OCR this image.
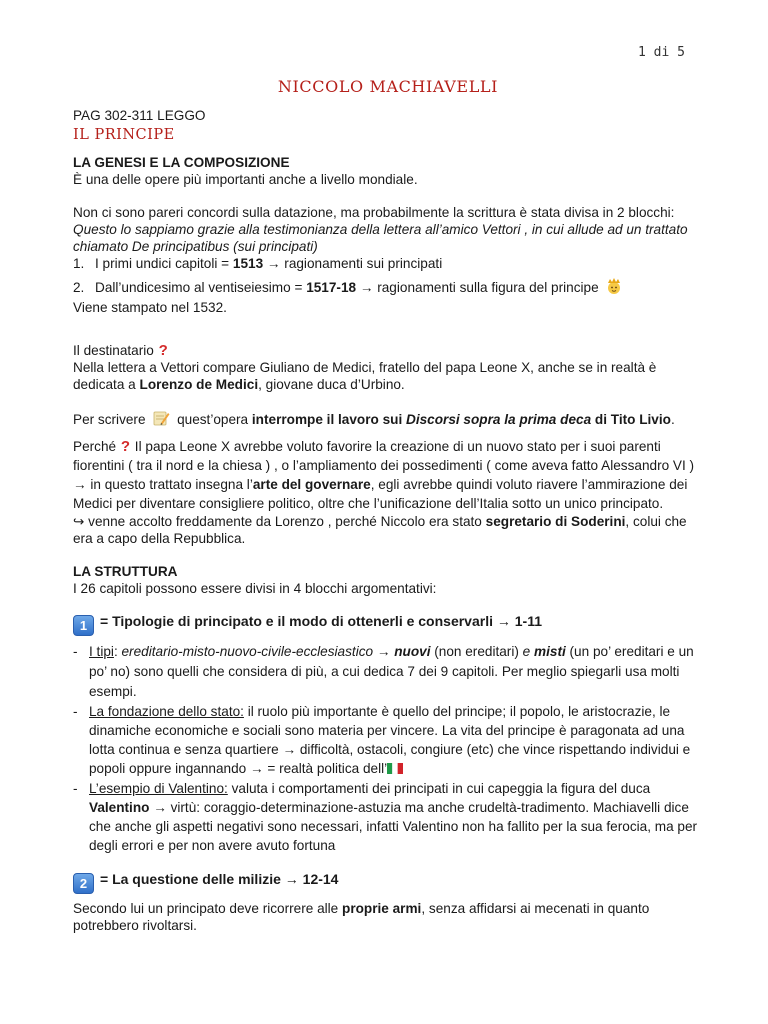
1 di 5
NICCOLO MACHIAVELLI

PAG 302-311 LEGGO

IL PRINCIPE

LA GENESI E LA COMPOSIZIONE

È una delle opere più importanti anche a livello mondiale.

Non ci sono pareri concordi sulla datazione, ma probabilmente la scrittura è stata divisa in 2 blocchi:

Questo lo sappiamo grazie alla testimonianza della lettera all’amico Vettori , in cui allude ad un trattato chiamato De principatibus (sui principati)

1. I primi undici capitoli = 1513 → ragionamenti sui principati

2. Dall’undicesimo al ventiseiesimo = 1517-18 → ragionamenti sulla figura del principe

Viene stampato nel 1532.

Il destinatario ?

Nella lettera a Vettori compare Giuliano de Medici, fratello del papa Leone X, anche se in realtà è dedicata a Lorenzo de Medici, giovane duca d’Urbino.

Per scrivere  quest’opera interrompe il lavoro sui Discorsi sopra la prima deca di Tito Livio.

Perché ? Il papa Leone X avrebbe voluto favorire la creazione di un nuovo stato per i suoi parenti fiorentini ( tra il nord e la chiesa ) , o l’ampliamento dei possedimenti ( come aveva fatto Alessandro VI ) → in questo trattato insegna l’arte del governare, egli avrebbe quindi voluto riavere l’ammirazione dei Medici per diventare consigliere politico, oltre che l’unificazione dell’Italia sotto un unico principato.

↪ venne accolto freddamente da Lorenzo , perché Niccolo era stato segretario di Soderini, colui che era a capo della Repubblica.

LA STRUTTURA

I 26 capitoli possono essere divisi in 4 blocchi argomentativi:

1 = Tipologie di principato e il modo di ottenerli e conservarli → 1-11

- I tipi: ereditario-misto-nuovo-civile-ecclesiastico → nuovi (non ereditari) e misti (un po’ ereditari e un po’ no) sono quelli che considera di più, a cui dedica 7 dei 9 capitoli. Per meglio spiegarli usa molti esempi.
- La fondazione dello stato: il ruolo più importante è quello del principe; il popolo, le aristocrazie, le dinamiche economiche e sociali sono materia per vincere. La vita del principe è paragonata ad una lotta continua e senza quartiere → difficoltà, ostacoli, congiure (etc) che vince rispettando individui e popoli oppure ingannando → = realtà politica dell’
- L’esempio di Valentino: valuta i comportamenti dei principati in cui capeggia la figura del duca Valentino → virtù: coraggio-determinazione-astuzia ma anche crudeltà-tradimento. Machiavelli dice che anche gli aspetti negativi sono necessari, infatti Valentino non ha fallito per la sua ferocia, ma per degli errori e per non avere avuto fortuna

2 = La questione delle milizie → 12-14

Secondo lui un principato deve ricorrere alle proprie armi, senza affidarsi ai mecenati in quanto potrebbero rivoltarsi.
